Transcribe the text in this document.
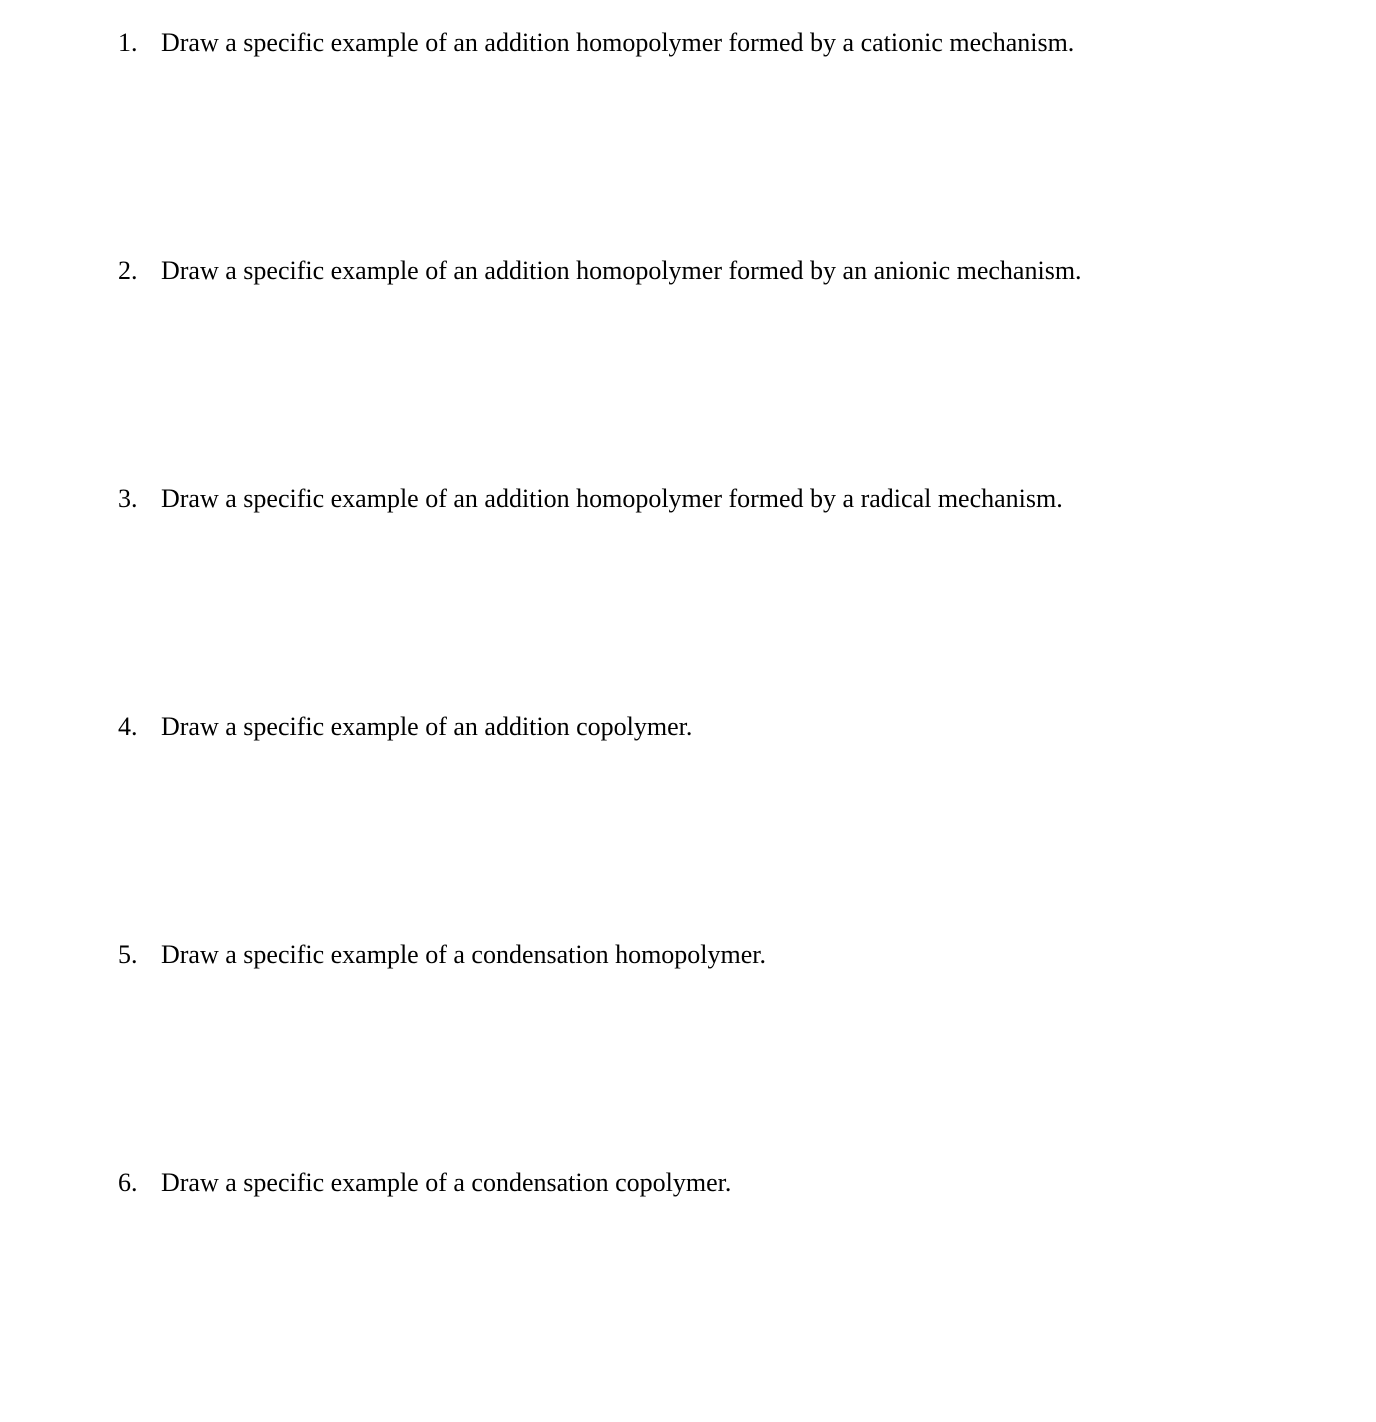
1. Draw a specific example of an addition homopolymer formed by a cationic mechanism.
2. Draw a specific example of an addition homopolymer formed by an anionic mechanism.
3. Draw a specific example of an addition homopolymer formed by a radical mechanism.
4. Draw a specific example of an addition copolymer.
5. Draw a specific example of a condensation homopolymer.
6. Draw a specific example of a condensation copolymer.
